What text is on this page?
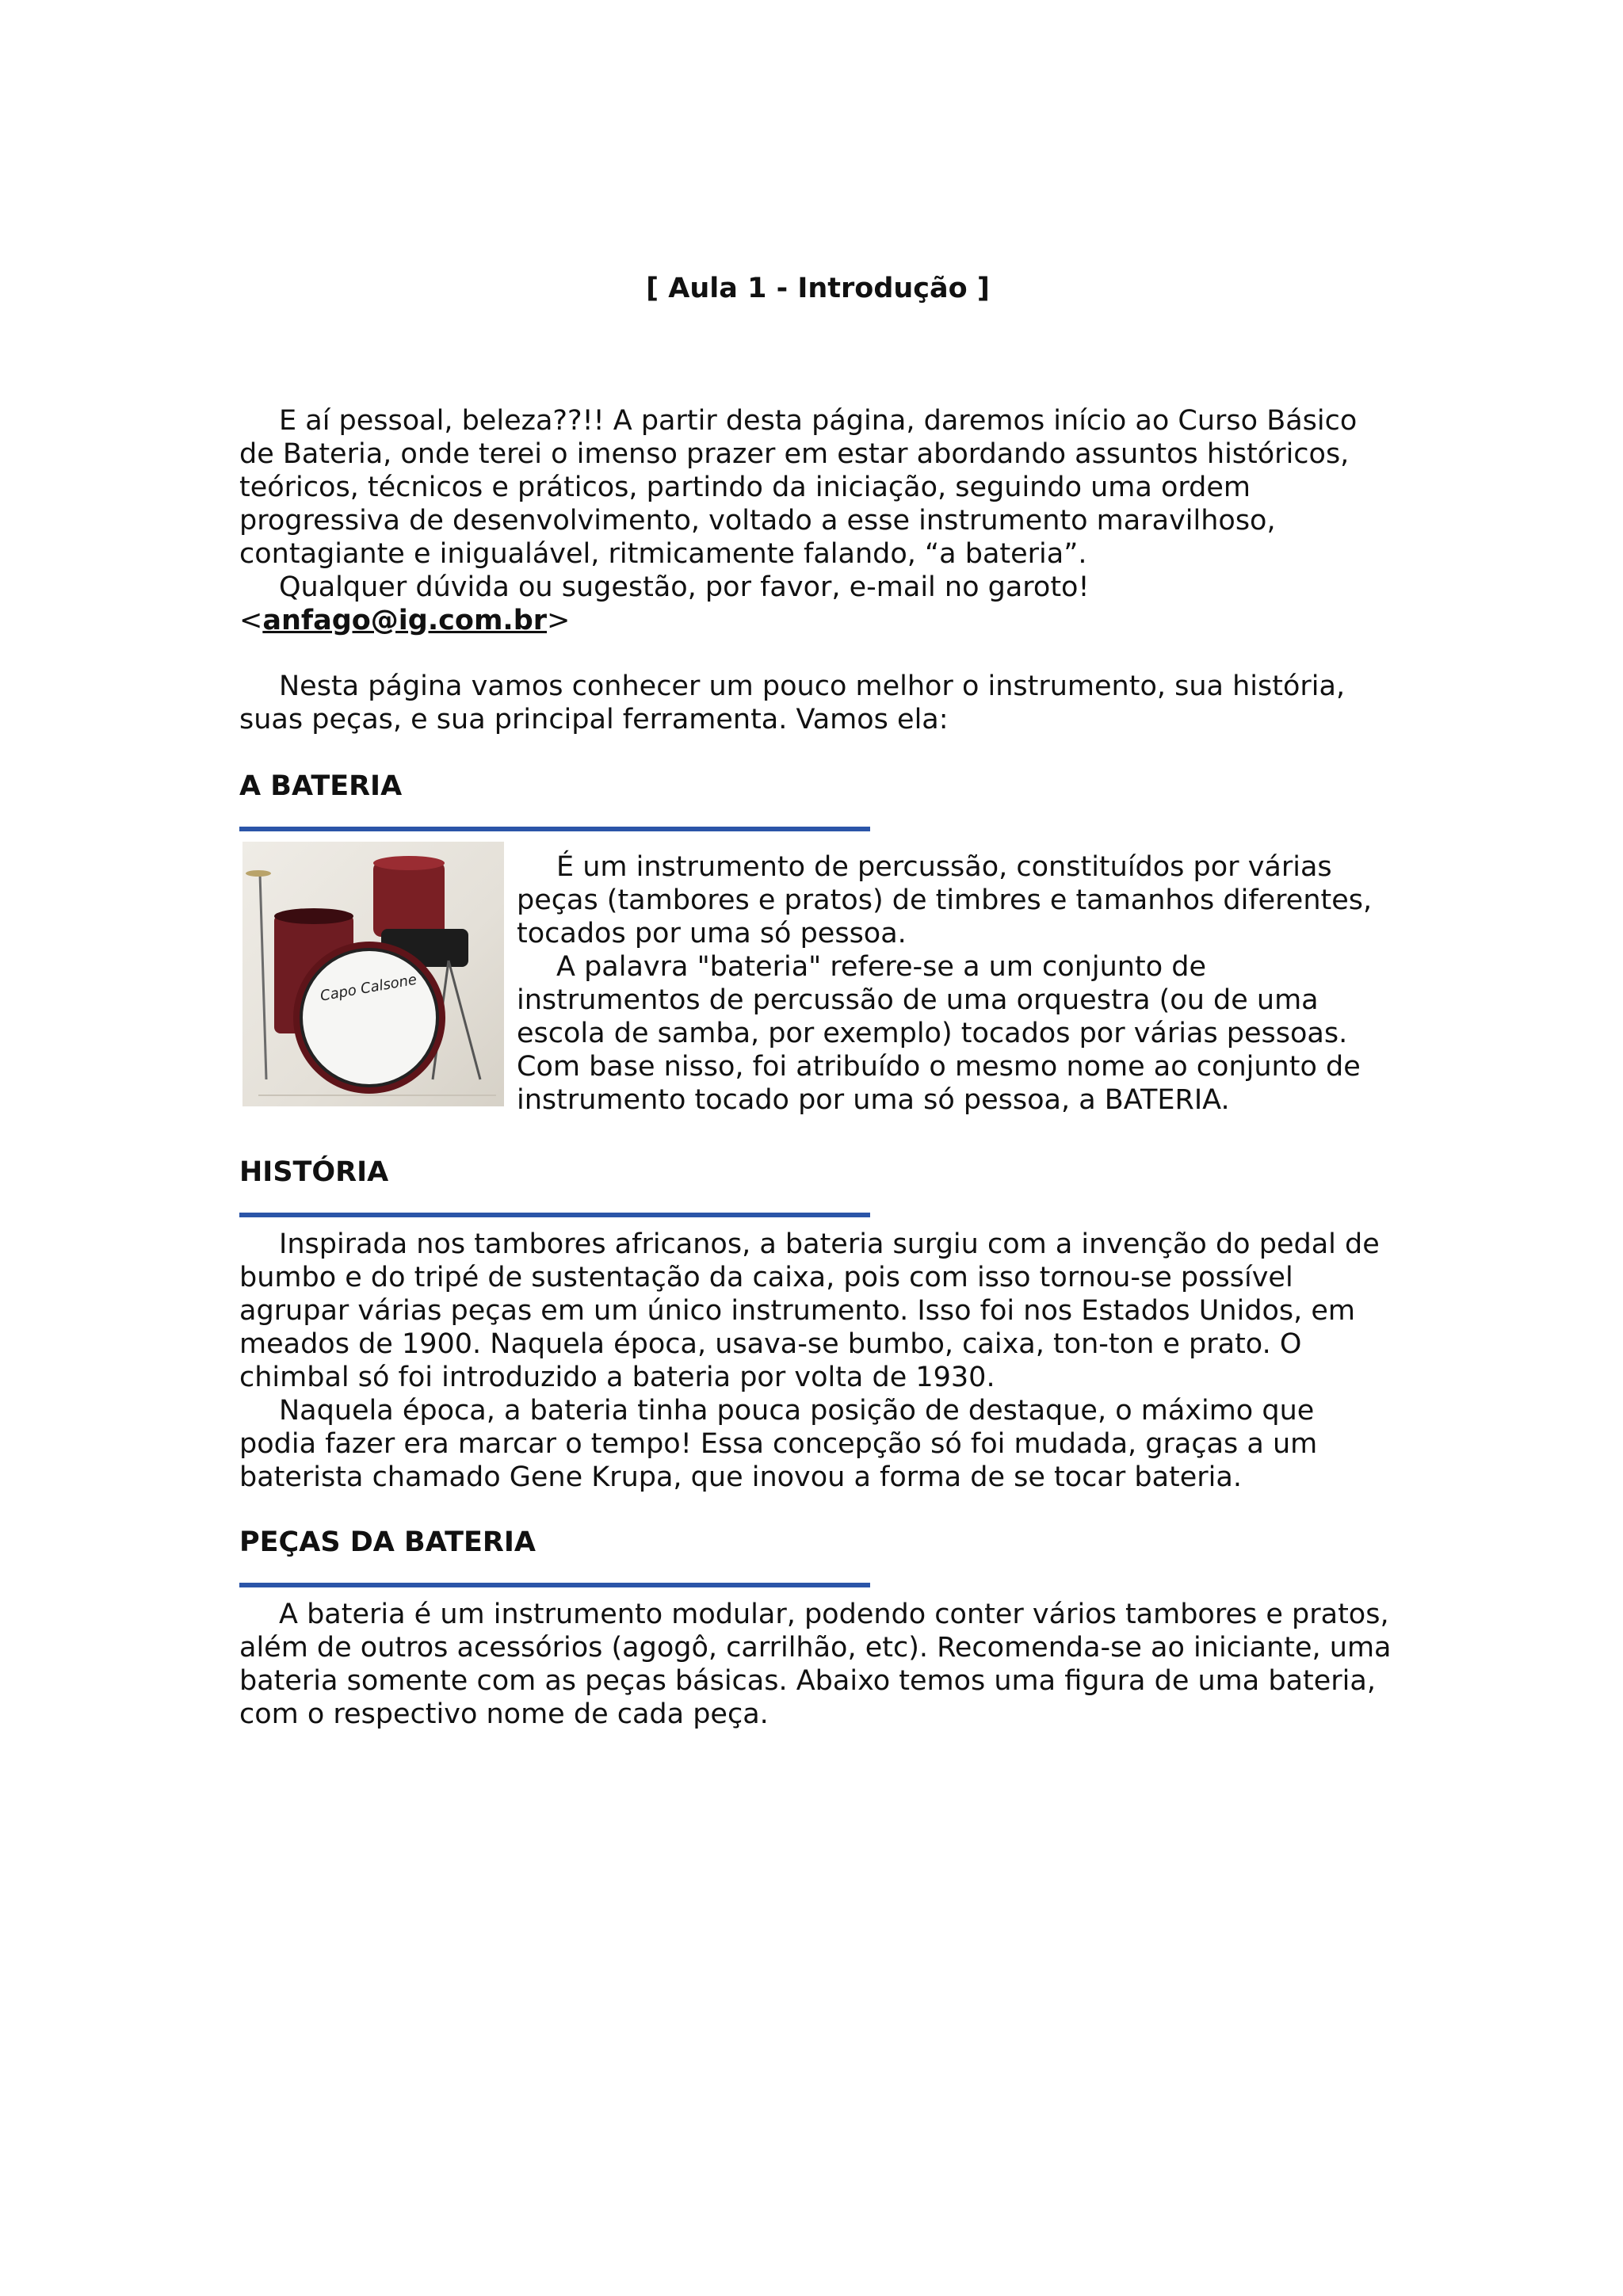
[ Aula 1 - Introdução ]

E aí pessoal, beleza??!! A partir desta página, daremos início ao Curso Básico de Bateria, onde terei o imenso prazer em estar abordando assuntos históricos, teóricos, técnicos e práticos, partindo da iniciação, seguindo uma ordem progressiva de desenvolvimento, voltado a esse instrumento maravilhoso, contagiante e inigualável, ritmicamente falando, “a bateria”.

Qualquer dúvida ou sugestão, por favor, e-mail no garoto!

<anfago@ig.com.br>

Nesta página vamos conhecer um pouco melhor o instrumento, sua história, suas peças, e sua principal ferramenta. Vamos ela:

A BATERIA
Capo Calsone

É um instrumento de percussão, constituídos por várias peças (tambores e pratos) de timbres e tamanhos diferentes, tocados por uma só pessoa.

A palavra "bateria" refere-se a um conjunto de instrumentos de percussão de uma orquestra (ou de uma escola de samba, por exemplo) tocados por várias pessoas. Com base nisso, foi atribuído o mesmo nome ao conjunto de instrumento tocado por uma só pessoa, a BATERIA.

HISTÓRIA

Inspirada nos tambores africanos, a bateria surgiu com a invenção do pedal de bumbo e do tripé de sustentação da caixa, pois com isso tornou-se possível agrupar várias peças em um único instrumento. Isso foi nos Estados Unidos, em meados de 1900. Naquela época, usava-se bumbo, caixa, ton-ton e prato. O chimbal só foi introduzido a bateria por volta de 1930.

Naquela época, a bateria tinha pouca posição de destaque, o máximo que podia fazer era marcar o tempo! Essa concepção só foi mudada, graças a um baterista chamado Gene Krupa, que inovou a forma de se tocar bateria.

PEÇAS DA BATERIA

A bateria é um instrumento modular, podendo conter vários tambores e pratos, além de outros acessórios (agogô, carrilhão, etc). Recomenda-se ao iniciante, uma bateria somente com as peças básicas. Abaixo temos uma figura de uma bateria, com o respectivo nome de cada peça.
